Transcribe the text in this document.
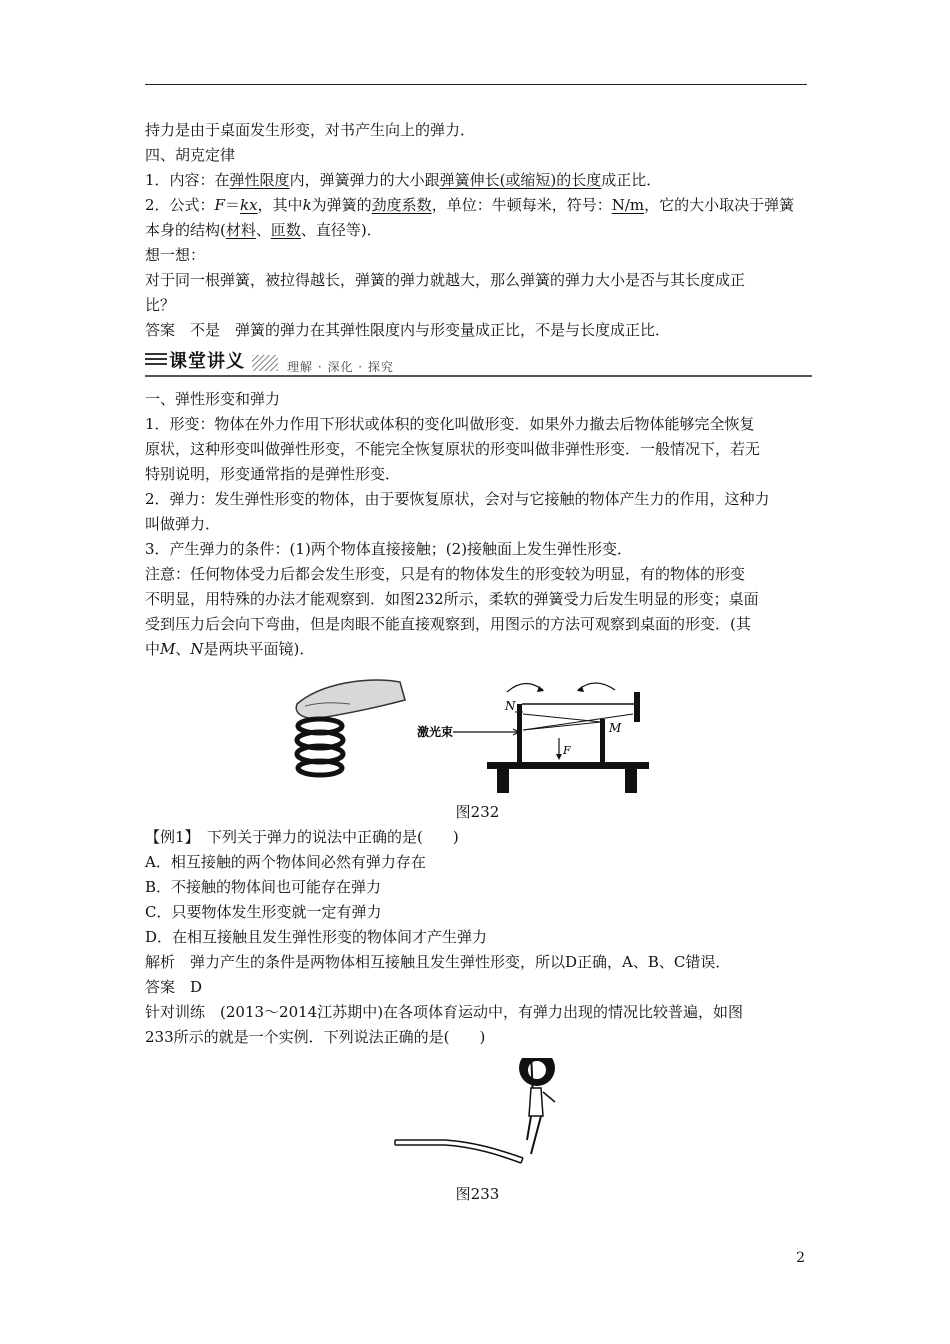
持力是由于桌面发生形变，对书产生向上的弹力．

四、胡克定律

1．内容：在弹性限度内，弹簧弹力的大小跟弹簧伸长(或缩短)的长度成正比．

2．公式：F＝kx，其中k为弹簧的劲度系数，单位：牛顿每米，符号：N/m，它的大小取决于弹簧

本身的结构(材料、匝数、直径等)．

想一想：

对于同一根弹簧，被拉得越长，弹簧的弹力就越大，那么弹簧的弹力大小是否与其长度成正

比？

答案　不是　弹簧的弹力在其弹性限度内与形变量成正比，不是与长度成正比．

课堂讲义	理解 · 深化 · 探究

一、弹性形变和弹力

1．形变：物体在外力作用下形状或体积的变化叫做形变．如果外力撤去后物体能够完全恢复

原状，这种形变叫做弹性形变，不能完全恢复原状的形变叫做非弹性形变．一般情况下，若无

特别说明，形变通常指的是弹性形变．

2．弹力：发生弹性形变的物体，由于要恢复原状，会对与它接触的物体产生力的作用，这种力

叫做弹力．

3．产生弹力的条件：(1)两个物体直接接触；(2)接触面上发生弹性形变．

注意：任何物体受力后都会发生形变，只是有的物体发生的形变较为明显，有的物体的形变

不明显，用特殊的办法才能观察到．如图232所示，柔软的弹簧受力后发生明显的形变；桌面

受到压力后会向下弯曲，但是肉眼不能直接观察到，用图示的方法可观察到桌面的形变．(其

中M、N是两块平面镜)．

激光束
N
M
F

图232

【例1】　下列关于弹力的说法中正确的是(　　)

A．相互接触的两个物体间必然有弹力存在

B．不接触的物体间也可能存在弹力

C．只要物体发生形变就一定有弹力

D．在相互接触且发生弹性形变的物体间才产生弹力

解析　弹力产生的条件是两物体相互接触且发生弹性形变，所以D正确，A、B、C错误．

答案　D

针对训练　(2013～2014江苏期中)在各项体育运动中，有弹力出现的情况比较普遍，如图

233所示的就是一个实例．下列说法正确的是(　　)

图233

2
